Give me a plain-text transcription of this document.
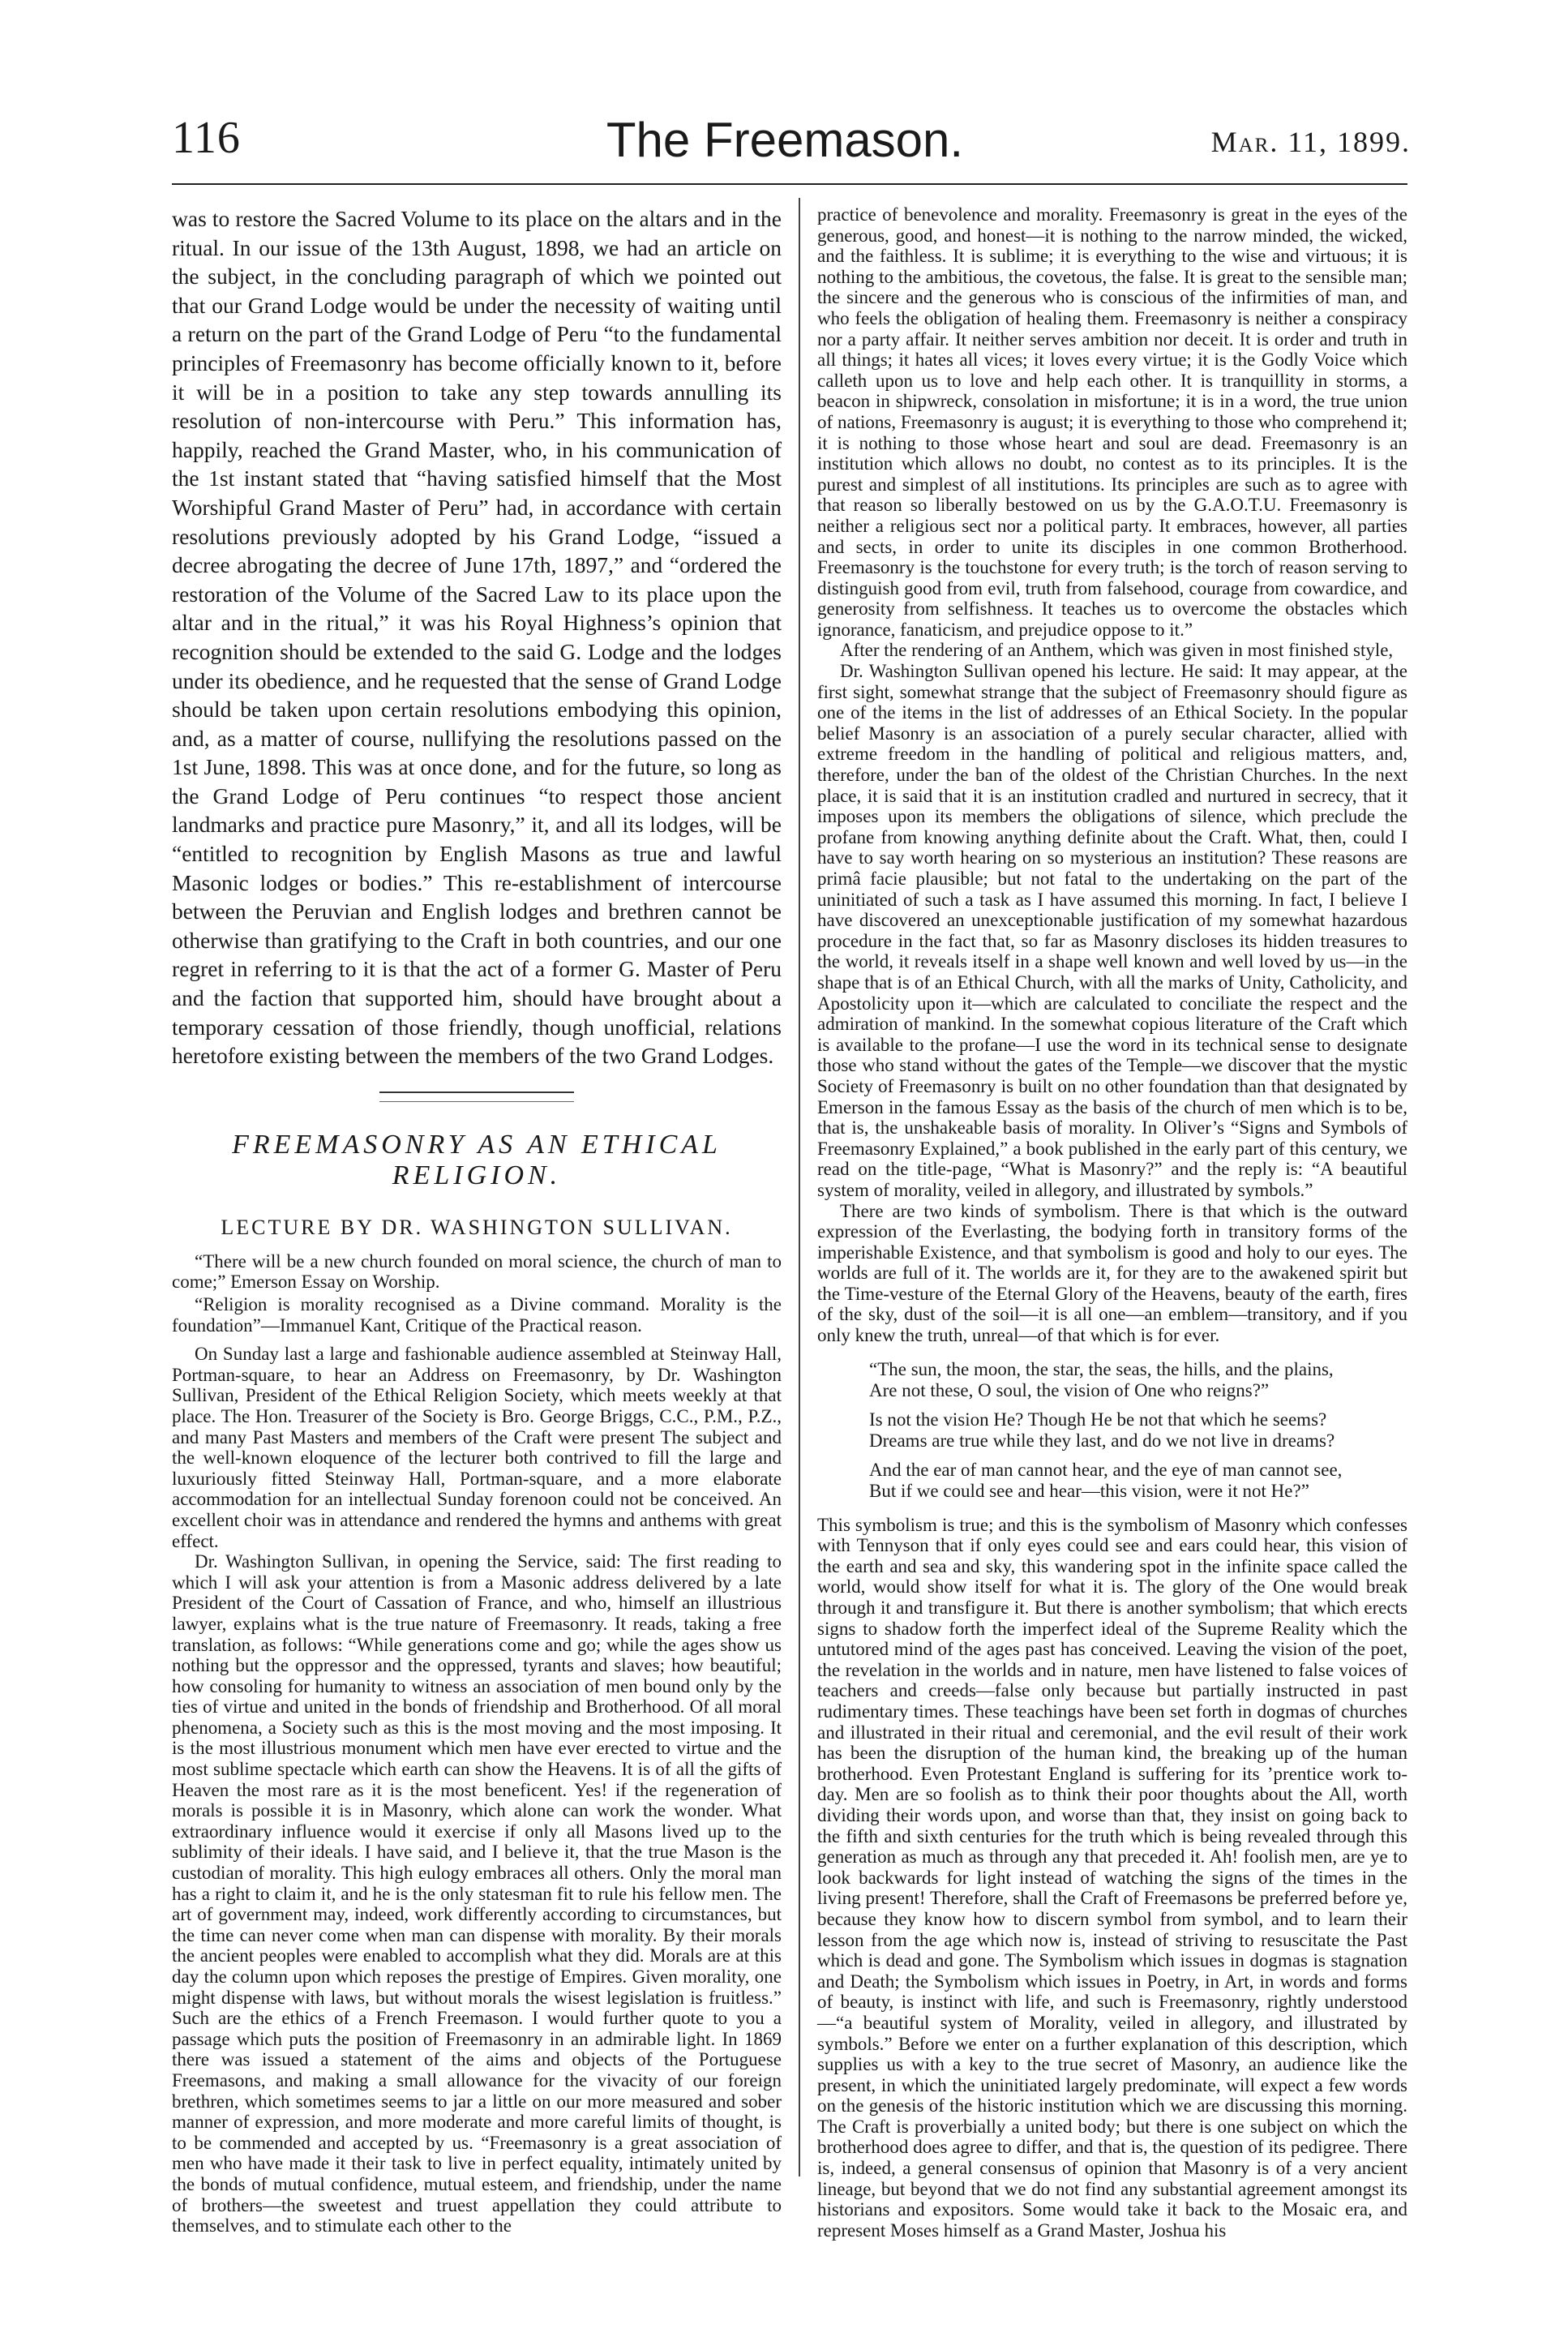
The Freemason.
116	Mar. 11, 1899.

was to restore the Sacred Volume to its place on the altars and in the ritual. In our issue of the 13th August, 1898, we had an article on the subject, in the concluding paragraph of which we pointed out that our Grand Lodge would be under the necessity of waiting until a return on the part of the Grand Lodge of Peru “to the fundamental principles of Freemasonry has become officially known to it, before it will be in a position to take any step towards annulling its resolution of non-intercourse with Peru.” This information has, happily, reached the Grand Master, who, in his communication of the 1st instant stated that “having satisfied himself that the Most Worshipful Grand Master of Peru” had, in accordance with certain resolutions previously adopted by his Grand Lodge, “issued a decree abrogating the decree of June 17th, 1897,” and “ordered the restoration of the Volume of the Sacred Law to its place upon the altar and in the ritual,” it was his Royal Highness’s opinion that recognition should be extended to the said G. Lodge and the lodges under its obedience, and he requested that the sense of Grand Lodge should be taken upon certain resolutions embodying this opinion, and, as a matter of course, nullifying the resolutions passed on the 1st June, 1898. This was at once done, and for the future, so long as the Grand Lodge of Peru continues “to respect those ancient landmarks and practice pure Masonry,” it, and all its lodges, will be “entitled to recognition by English Masons as true and lawful Masonic lodges or bodies.” This re-establishment of intercourse between the Peruvian and English lodges and brethren cannot be otherwise than gratifying to the Craft in both countries, and our one regret in referring to it is that the act of a former G. Master of Peru and the faction that supported him, should have brought about a temporary cessation of those friendly, though unofficial, relations heretofore existing between the members of the two Grand Lodges.

FREEMASONRY AS AN ETHICAL RELIGION.
LECTURE BY DR. WASHINGTON SULLIVAN.

“There will be a new church founded on moral science, the church of man to come;” Emerson Essay on Worship.

“Religion is morality recognised as a Divine command. Morality is the foundation”—Immanuel Kant, Critique of the Practical reason.

On Sunday last a large and fashionable audience assembled at Steinway Hall, Portman-square, to hear an Address on Freemasonry, by Dr. Washington Sullivan, President of the Ethical Religion Society, which meets weekly at that place. The Hon. Treasurer of the Society is Bro. George Briggs, C.C., P.M., P.Z., and many Past Masters and members of the Craft were present The subject and the well-known eloquence of the lecturer both contrived to fill the large and luxuriously fitted Steinway Hall, Portman-square, and a more elaborate accommodation for an intellectual Sunday forenoon could not be conceived. An excellent choir was in attendance and rendered the hymns and anthems with great effect.

Dr. Washington Sullivan, in opening the Service, said: The first reading to which I will ask your attention is from a Masonic address delivered by a late President of the Court of Cassation of France, and who, himself an illustrious lawyer, explains what is the true nature of Freemasonry. It reads, taking a free translation, as follows: “While generations come and go; while the ages show us nothing but the oppressor and the oppressed, tyrants and slaves; how beautiful; how consoling for humanity to witness an association of men bound only by the ties of virtue and united in the bonds of friendship and Brotherhood. Of all moral phenomena, a Society such as this is the most moving and the most imposing. It is the most illustrious monument which men have ever erected to virtue and the most sublime spectacle which earth can show the Heavens. It is of all the gifts of Heaven the most rare as it is the most beneficent. Yes! if the regeneration of morals is possible it is in Masonry, which alone can work the wonder. What extraordinary influence would it exercise if only all Masons lived up to the sublimity of their ideals. I have said, and I believe it, that the true Mason is the custodian of morality. This high eulogy embraces all others. Only the moral man has a right to claim it, and he is the only statesman fit to rule his fellow men. The art of government may, indeed, work differently according to circumstances, but the time can never come when man can dispense with morality. By their morals the ancient peoples were enabled to accomplish what they did. Morals are at this day the column upon which reposes the prestige of Empires. Given morality, one might dispense with laws, but without morals the wisest legislation is fruitless.” Such are the ethics of a French Freemason. I would further quote to you a passage which puts the position of Freemasonry in an admirable light. In 1869 there was issued a statement of the aims and objects of the Portuguese Freemasons, and making a small allowance for the vivacity of our foreign brethren, which sometimes seems to jar a little on our more measured and sober manner of expression, and more moderate and more careful limits of thought, is to be commended and accepted by us. “Freemasonry is a great association of men who have made it their task to live in perfect equality, intimately united by the bonds of mutual confidence, mutual esteem, and friendship, under the name of brothers—the sweetest and truest appellation they could attribute to themselves, and to stimulate each other to the

practice of benevolence and morality. Freemasonry is great in the eyes of the generous, good, and honest—it is nothing to the narrow minded, the wicked, and the faithless. It is sublime; it is everything to the wise and virtuous; it is nothing to the ambitious, the covetous, the false. It is great to the sensible man; the sincere and the generous who is conscious of the infirmities of man, and who feels the obligation of healing them. Freemasonry is neither a conspiracy nor a party affair. It neither serves ambition nor deceit. It is order and truth in all things; it hates all vices; it loves every virtue; it is the Godly Voice which calleth upon us to love and help each other. It is tranquillity in storms, a beacon in shipwreck, consolation in misfortune; it is in a word, the true union of nations, Freemasonry is august; it is everything to those who comprehend it; it is nothing to those whose heart and soul are dead. Freemasonry is an institution which allows no doubt, no contest as to its principles. It is the purest and simplest of all institutions. Its principles are such as to agree with that reason so liberally bestowed on us by the G.A.O.T.U. Freemasonry is neither a religious sect nor a political party. It embraces, however, all parties and sects, in order to unite its disciples in one common Brotherhood. Freemasonry is the touchstone for every truth; is the torch of reason serving to distinguish good from evil, truth from falsehood, courage from cowardice, and generosity from selfishness. It teaches us to overcome the obstacles which ignorance, fanaticism, and prejudice oppose to it.”

After the rendering of an Anthem, which was given in most finished style,

Dr. Washington Sullivan opened his lecture. He said: It may appear, at the first sight, somewhat strange that the subject of Freemasonry should figure as one of the items in the list of addresses of an Ethical Society. In the popular belief Masonry is an association of a purely secular character, allied with extreme freedom in the handling of political and religious matters, and, therefore, under the ban of the oldest of the Christian Churches. In the next place, it is said that it is an institution cradled and nurtured in secrecy, that it imposes upon its members the obligations of silence, which preclude the profane from knowing anything definite about the Craft. What, then, could I have to say worth hearing on so mysterious an institution? These reasons are primâ facie plausible; but not fatal to the undertaking on the part of the uninitiated of such a task as I have assumed this morning. In fact, I believe I have discovered an unexceptionable justification of my somewhat hazardous procedure in the fact that, so far as Masonry discloses its hidden treasures to the world, it reveals itself in a shape well known and well loved by us—in the shape that is of an Ethical Church, with all the marks of Unity, Catholicity, and Apostolicity upon it—which are calculated to conciliate the respect and the admiration of mankind. In the somewhat copious literature of the Craft which is available to the profane—I use the word in its technical sense to designate those who stand without the gates of the Temple—we discover that the mystic Society of Freemasonry is built on no other foundation than that designated by Emerson in the famous Essay as the basis of the church of men which is to be, that is, the unshakeable basis of morality. In Oliver’s “Signs and Symbols of Freemasonry Explained,” a book published in the early part of this century, we read on the title-page, “What is Masonry?” and the reply is: “A beautiful system of morality, veiled in allegory, and illustrated by symbols.”

There are two kinds of symbolism. There is that which is the outward expression of the Everlasting, the bodying forth in transitory forms of the imperishable Existence, and that symbolism is good and holy to our eyes. The worlds are full of it. The worlds are it, for they are to the awakened spirit but the Time-vesture of the Eternal Glory of the Heavens, beauty of the earth, fires of the sky, dust of the soil—it is all one—an emblem—transitory, and if you only knew the truth, unreal—of that which is for ever.

“The sun, the moon, the star, the seas, the hills, and the plains,
Are not these, O soul, the vision of One who reigns?”
Is not the vision He? Though He be not that which he seems?
Dreams are true while they last, and do we not live in dreams?
And the ear of man cannot hear, and the eye of man cannot see,
But if we could see and hear—this vision, were it not He?”

This symbolism is true; and this is the symbolism of Masonry which confesses with Tennyson that if only eyes could see and ears could hear, this vision of the earth and sea and sky, this wandering spot in the infinite space called the world, would show itself for what it is. The glory of the One would break through it and transfigure it. But there is another symbolism; that which erects signs to shadow forth the imperfect ideal of the Supreme Reality which the untutored mind of the ages past has conceived. Leaving the vision of the poet, the revelation in the worlds and in nature, men have listened to false voices of teachers and creeds—false only because but partially instructed in past rudimentary times. These teachings have been set forth in dogmas of churches and illustrated in their ritual and ceremonial, and the evil result of their work has been the disruption of the human kind, the breaking up of the human brotherhood. Even Protestant England is suffering for its ’prentice work to-day. Men are so foolish as to think their poor thoughts about the All, worth dividing their words upon, and worse than that, they insist on going back to the fifth and sixth centuries for the truth which is being revealed through this generation as much as through any that preceded it. Ah! foolish men, are ye to look backwards for light instead of watching the signs of the times in the living present! Therefore, shall the Craft of Freemasons be preferred before ye, because they know how to discern symbol from symbol, and to learn their lesson from the age which now is, instead of striving to resuscitate the Past which is dead and gone. The Symbolism which issues in dogmas is stagnation and Death; the Symbolism which issues in Poetry, in Art, in words and forms of beauty, is instinct with life, and such is Freemasonry, rightly understood—“a beautiful system of Morality, veiled in allegory, and illustrated by symbols.” Before we enter on a further explanation of this description, which supplies us with a key to the true secret of Masonry, an audience like the present, in which the uninitiated largely predominate, will expect a few words on the genesis of the historic institution which we are discussing this morning. The Craft is proverbially a united body; but there is one subject on which the brotherhood does agree to differ, and that is, the question of its pedigree. There is, indeed, a general consensus of opinion that Masonry is of a very ancient lineage, but beyond that we do not find any substantial agreement amongst its historians and expositors. Some would take it back to the Mosaic era, and represent Moses himself as a Grand Master, Joshua his
